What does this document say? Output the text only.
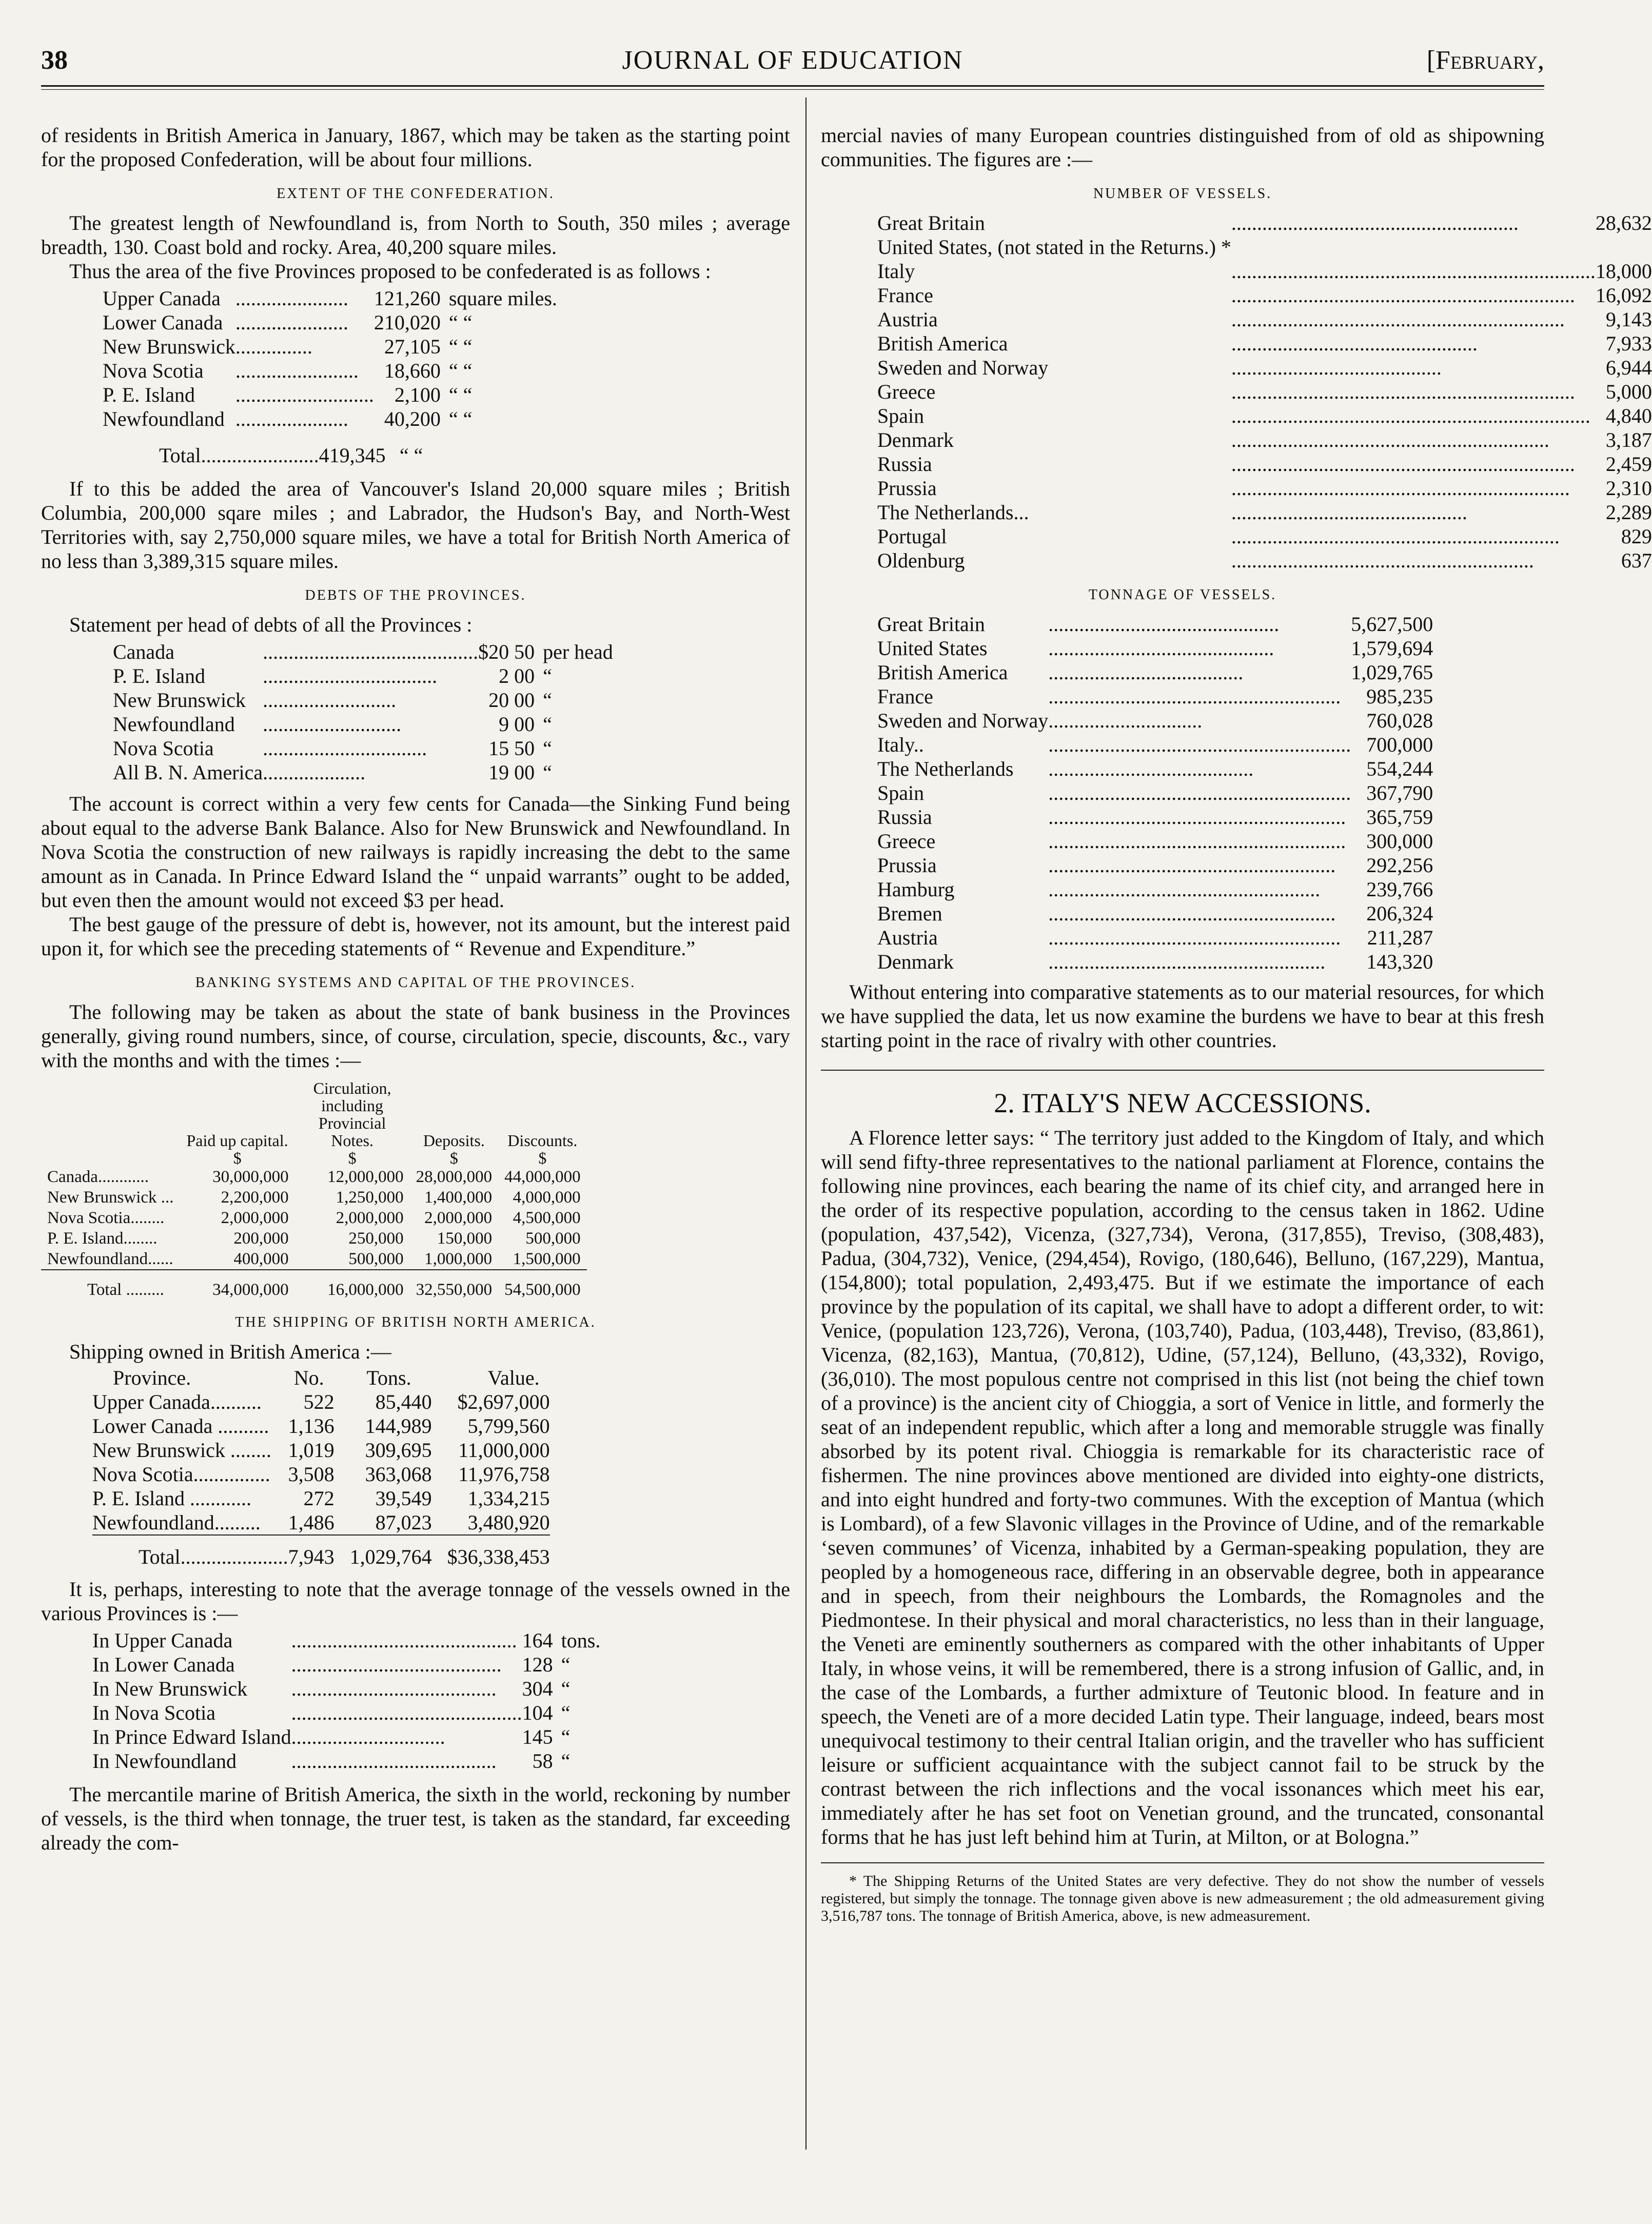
38	JOURNAL OF EDUCATION	[February,

of residents in British America in January, 1867, which may be taken as the starting point for the proposed Confederation, will be about four millions.

EXTENT OF THE CONFEDERATION.

The greatest length of Newfoundland is, from North to South, 350 miles ; average breadth, 130. Coast bold and rocky. Area, 40,200 square miles.

Thus the area of the five Provinces proposed to be confederated is as follows :

Upper Canada	......................	121,260	square miles.
Lower Canada	......................	210,020	“ “
New Brunswick	...............	27,105	“ “
Nova Scotia	........................	18,660	“ “
P. E. Island	...........................	2,100	“ “
Newfoundland	......................	40,200	“ “
Total	.......................	419,345	“ “

If to this be added the area of Vancouver's Island 20,000 square miles ; British Columbia, 200,000 sqare miles ; and Labrador, the Hudson's Bay, and North-West Territories with, say 2,750,000 square miles, we have a total for British North America of no less than 3,389,315 square miles.

DEBTS OF THE PROVINCES.

Statement per head of debts of all the Provinces :

Canada	..........................................	$20 50	per head
P. E. Island	..................................	2 00	“
New Brunswick	..........................	20 00	“
Newfoundland	...........................	9 00	“
Nova Scotia	................................	15 50	“
All B. N. America	....................	19 00	“

The account is correct within a very few cents for Canada—the Sinking Fund being about equal to the adverse Bank Balance. Also for New Brunswick and Newfoundland. In Nova Scotia the construction of new railways is rapidly increasing the debt to the same amount as in Canada. In Prince Edward Island the “ unpaid warrants” ought to be added, but even then the amount would not exceed $3 per head.

The best gauge of the pressure of debt is, however, not its amount, but the interest paid upon it, for which see the preceding statements of “ Revenue and Expenditure.”

BANKING SYSTEMS AND CAPITAL OF THE PROVINCES.

The following may be taken as about the state of bank business in the Provinces generally, giving round numbers, since, of course, circulation, specie, discounts, &c., vary with the months and with the times :—

	Paid up capital.	Circulation, including Provincial Notes.	Deposits.	Discounts.
	$	$	$	$
Canada............	30,000,000	12,000,000	28,000,000	44,000,000
New Brunswick ...	2,200,000	1,250,000	1,400,000	4,000,000
Nova Scotia........	2,000,000	2,000,000	2,000,000	4,500,000
P. E. Island........	200,000	250,000	150,000	500,000
Newfoundland......	400,000	500,000	1,000,000	1,500,000
Total .........	34,000,000	16,000,000	32,550,000	54,500,000
THE SHIPPING OF BRITISH NORTH AMERICA.

Shipping owned in British America :—

Province.	No.	Tons.	Value.
Upper Canada..........	522	85,440	$2,697,000
Lower Canada ..........	1,136	144,989	5,799,560
New Brunswick ........	1,019	309,695	11,000,000
Nova Scotia...............	3,508	363,068	11,976,758
P. E. Island ............	272	39,549	1,334,215
Newfoundland.........	1,486	87,023	3,480,920
Total.....................	7,943	1,029,764	$36,338,453

It is, perhaps, interesting to note that the average tonnage of the vessels owned in the various Provinces is :—

In Upper Canada	............................................	164	tons.
In Lower Canada	.........................................	128	“
In New Brunswick	........................................	304	“
In Nova Scotia	.............................................	104	“
In Prince Edward Island	..............................	145	“
In Newfoundland	........................................	58	“

The mercantile marine of British America, the sixth in the world, reckoning by number of vessels, is the third when tonnage, the truer test, is taken as the standard, far exceeding already the com-

mercial navies of many European countries distinguished from of old as shipowning communities. The figures are :—

NUMBER OF VESSELS.
Great Britain	........................................................	28,632
United States, (not stated in the Returns.) *		
Italy	.......................................................................	18,000
France	...................................................................	16,092
Austria	.................................................................	9,143
British America	................................................	7,933
Sweden and Norway	.........................................	6,944
Greece	...................................................................	5,000
Spain	......................................................................	4,840
Denmark	..............................................................	3,187
Russia	...................................................................	2,459
Prussia	..................................................................	2,310
The Netherlands...	..............................................	2,289
Portugal	................................................................	829
Oldenburg	...........................................................	637
TONNAGE OF VESSELS.
Great Britain	.............................................	5,627,500
United States	............................................	1,579,694
British America	......................................	1,029,765
France	.........................................................	985,235
Sweden and Norway	..............................	760,028
Italy..	...........................................................	700,000
The Netherlands	........................................	554,244
Spain	...........................................................	367,790
Russia	..........................................................	365,759
Greece	..........................................................	300,000
Prussia	........................................................	292,256
Hamburg	.....................................................	239,766
Bremen	........................................................	206,324
Austria	.........................................................	211,287
Denmark	......................................................	143,320

Without entering into comparative statements as to our material resources, for which we have supplied the data, let us now examine the burdens we have to bear at this fresh starting point in the race of rivalry with other countries.

2. ITALY'S NEW ACCESSIONS.

A Florence letter says: “ The territory just added to the Kingdom of Italy, and which will send fifty-three representatives to the national parliament at Florence, contains the following nine provinces, each bearing the name of its chief city, and arranged here in the order of its respective population, according to the census taken in 1862. Udine (population, 437,542), Vicenza, (327,734), Verona, (317,855), Treviso, (308,483), Padua, (304,732), Venice, (294,454), Rovigo, (180,646), Belluno, (167,229), Mantua, (154,800); total population, 2,493,475. But if we estimate the importance of each province by the population of its capital, we shall have to adopt a different order, to wit: Venice, (population 123,726), Verona, (103,740), Padua, (103,448), Treviso, (83,861), Vicenza, (82,163), Mantua, (70,812), Udine, (57,124), Belluno, (43,332), Rovigo, (36,010). The most populous centre not comprised in this list (not being the chief town of a province) is the ancient city of Chioggia, a sort of Venice in little, and formerly the seat of an independent republic, which after a long and memorable struggle was finally absorbed by its potent rival. Chioggia is remarkable for its characteristic race of fishermen. The nine provinces above mentioned are divided into eighty-one districts, and into eight hundred and forty-two communes. With the exception of Mantua (which is Lombard), of a few Slavonic villages in the Province of Udine, and of the remarkable ‘seven communes’ of Vicenza, inhabited by a German-speaking population, they are peopled by a homogeneous race, differing in an observable degree, both in appearance and in speech, from their neighbours the Lombards, the Romagnoles and the Piedmontese. In their physical and moral characteristics, no less than in their language, the Veneti are eminently southerners as compared with the other inhabitants of Upper Italy, in whose veins, it will be remembered, there is a strong infusion of Gallic, and, in the case of the Lombards, a further admixture of Teutonic blood. In feature and in speech, the Veneti are of a more decided Latin type. Their language, indeed, bears most unequivocal testimony to their central Italian origin, and the traveller who has sufficient leisure or sufficient acquaintance with the subject cannot fail to be struck by the contrast between the rich inflections and the vocal issonances which meet his ear, immediately after he has set foot on Venetian ground, and the truncated, consonantal forms that he has just left behind him at Turin, at Milton, or at Bologna.”

* The Shipping Returns of the United States are very defective. They do not show the number of vessels registered, but simply the tonnage. The tonnage given above is new admeasurement ; the old admeasurement giving 3,516,787 tons. The tonnage of British America, above, is new admeasurement.
